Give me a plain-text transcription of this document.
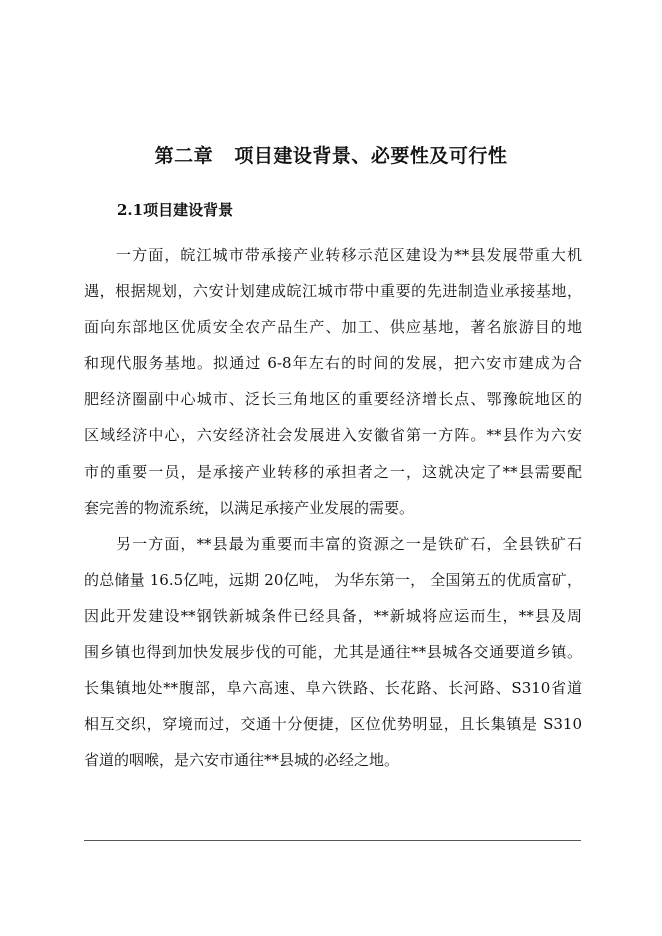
第二章   项目建设背景、必要性及可行性
2.1项目建设背景
一方面，皖江城市带承接产业转移示范区建设为**县发展带重大机
遇，根据规划，六安计划建成皖江城市带中重要的先进制造业承接基地，
面向东部地区优质安全农产品生产、加工、供应基地，著名旅游目的地
和现代服务基地。拟通过 6-8年左右的时间的发展，把六安市建成为合
肥经济圈副中心城市、泛长三角地区的重要经济增长点、鄂豫皖地区的
区域经济中心，六安经济社会发展进入安徽省第一方阵。**县作为六安
市的重要一员，是承接产业转移的承担者之一，这就决定了**县需要配
套完善的物流系统，以满足承接产业发展的需要。
另一方面，**县最为重要而丰富的资源之一是铁矿石，全县铁矿石
的总储量 16.5亿吨，远期 20亿吨， 为华东第一， 全国第五的优质富矿，
因此开发建设**钢铁新城条件已经具备，**新城将应运而生，**县及周
围乡镇也得到加快发展步伐的可能，尤其是通往**县城各交通要道乡镇。
长集镇地处**腹部，阜六高速、阜六铁路、长花路、长河路、S310省道
相互交织，穿境而过，交通十分便捷，区位优势明显，且长集镇是 S310
省道的咽喉，是六安市通往**县城的必经之地。
